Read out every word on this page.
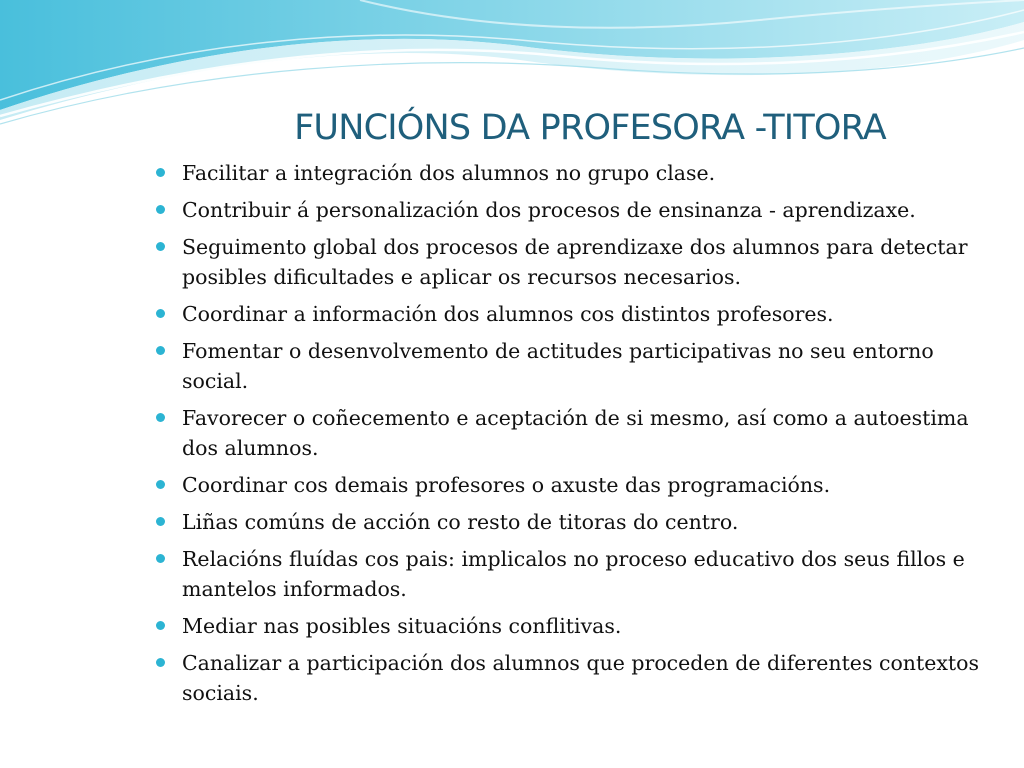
FUNCIÓNS DA PROFESORA -TITORA
Facilitar a integración dos alumnos no grupo clase.
Contribuir á personalización dos procesos de ensinanza - aprendizaxe.
Seguimento global dos procesos de aprendizaxe dos alumnos para detectar posibles dificultades e aplicar os recursos necesarios.
Coordinar a información dos alumnos cos distintos profesores.
Fomentar o desenvolvemento de actitudes participativas no seu entorno social.
Favorecer o coñecemento e aceptación de si mesmo, así como a autoestima dos alumnos.
Coordinar cos demais profesores o axuste das programacións.
Liñas comúns de acción co resto de titoras do centro.
Relacións fluídas cos pais: implicalos no proceso educativo dos seus fillos e mantelos informados.
Mediar nas posibles situacións conflitivas.
Canalizar a participación dos alumnos que proceden de diferentes contextos sociais.
